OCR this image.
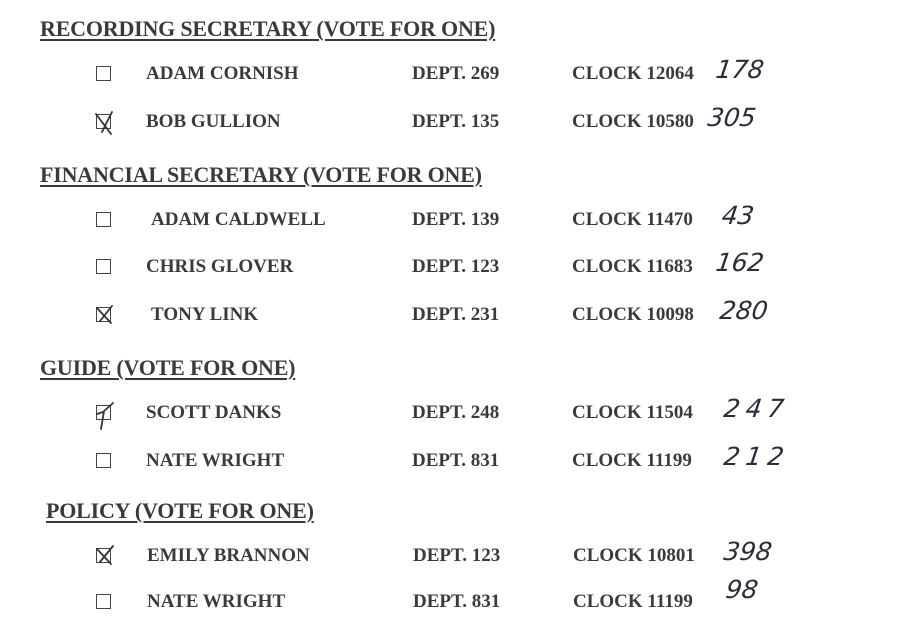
RECORDING SECRETARY (VOTE FOR ONE)
ADAM CORNISH	DEPT. 269	CLOCK 12064 178
BOB GULLION	DEPT. 135	CLOCK 10580 305
FINANCIAL SECRETARY (VOTE FOR ONE)
ADAM CALDWELL	DEPT. 139	CLOCK 11470 43
CHRIS GLOVER	DEPT. 123	CLOCK 11683 162
TONY LINK	DEPT. 231	CLOCK 10098 280
GUIDE (VOTE FOR ONE)
SCOTT DANKS	DEPT. 248	CLOCK 11504 247
NATE WRIGHT	DEPT. 831	CLOCK 11199 212
POLICY (VOTE FOR ONE)
EMILY BRANNON	DEPT. 123	CLOCK 10801 398
NATE WRIGHT	DEPT. 831	CLOCK 11199 98
